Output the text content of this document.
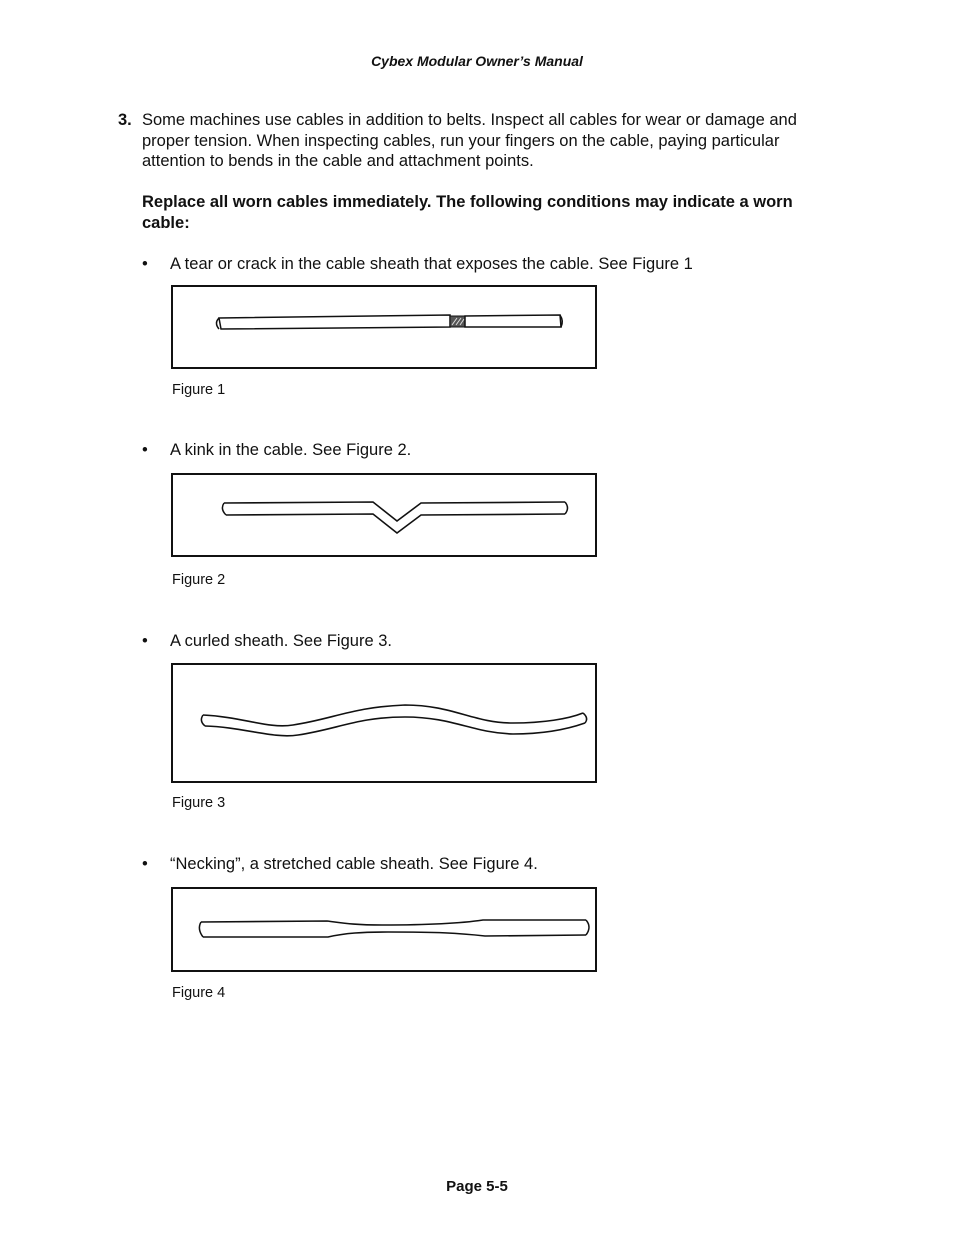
Cybex Modular Owner’s Manual
3. Some machines use cables in addition to belts. Inspect all cables for wear or damage and proper tension. When inspecting cables, run your fingers on the cable, paying particular attention to bends in the cable and attachment points.
Replace all worn cables immediately. The following conditions may indicate a worn cable:
• A tear or crack in the cable sheath that exposes the cable. See Figure 1
Figure 1
• A kink in the cable. See Figure 2.
Figure 2
• A curled sheath. See Figure 3.
Figure 3
• “Necking”, a stretched cable sheath. See Figure 4.
Figure 4
Page 5-5
